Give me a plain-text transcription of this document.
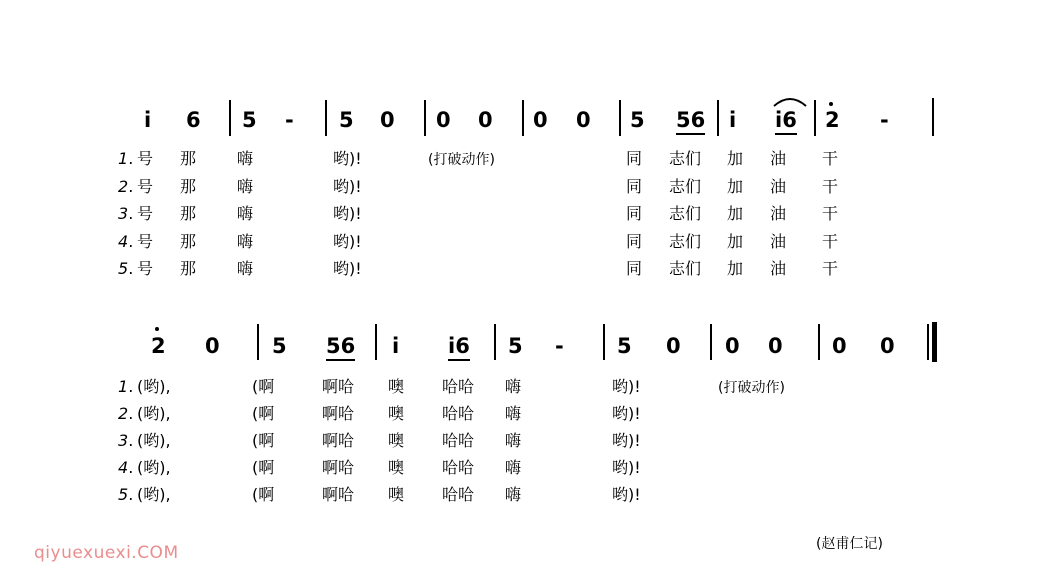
i 6 5 - 5 0 0 0 0 0 5 56 i i6 2 -
1. 号 那	嗨	哟)!	(打破动作)	同 志们 加 油 干
2. 号 那	嗨	哟)!	同 志们 加 油 干
3. 号 那	嗨	哟)!	同 志们 加 油 干
4. 号 那	嗨	哟)!	同 志们 加 油 干
5. 号 那	嗨	哟)!	同 志们 加 油 干
2 0 5 56 i i6 5 -	5 0 0 0 0 0
1. (哟),	(啊	啊哈 噢 哈哈 嗨	哟)!	(打破动作)
2. (哟),	(啊	啊哈 噢 哈哈 嗨	哟)!
3. (哟),	(啊	啊哈 噢 哈哈 嗨	哟)!
4. (哟),	(啊	啊哈 噢 哈哈 嗨	哟)!
5. (哟),	(啊	啊哈 噢 哈哈 嗨	哟)!
(赵甫仁记)
qiyuexuexi.COM
